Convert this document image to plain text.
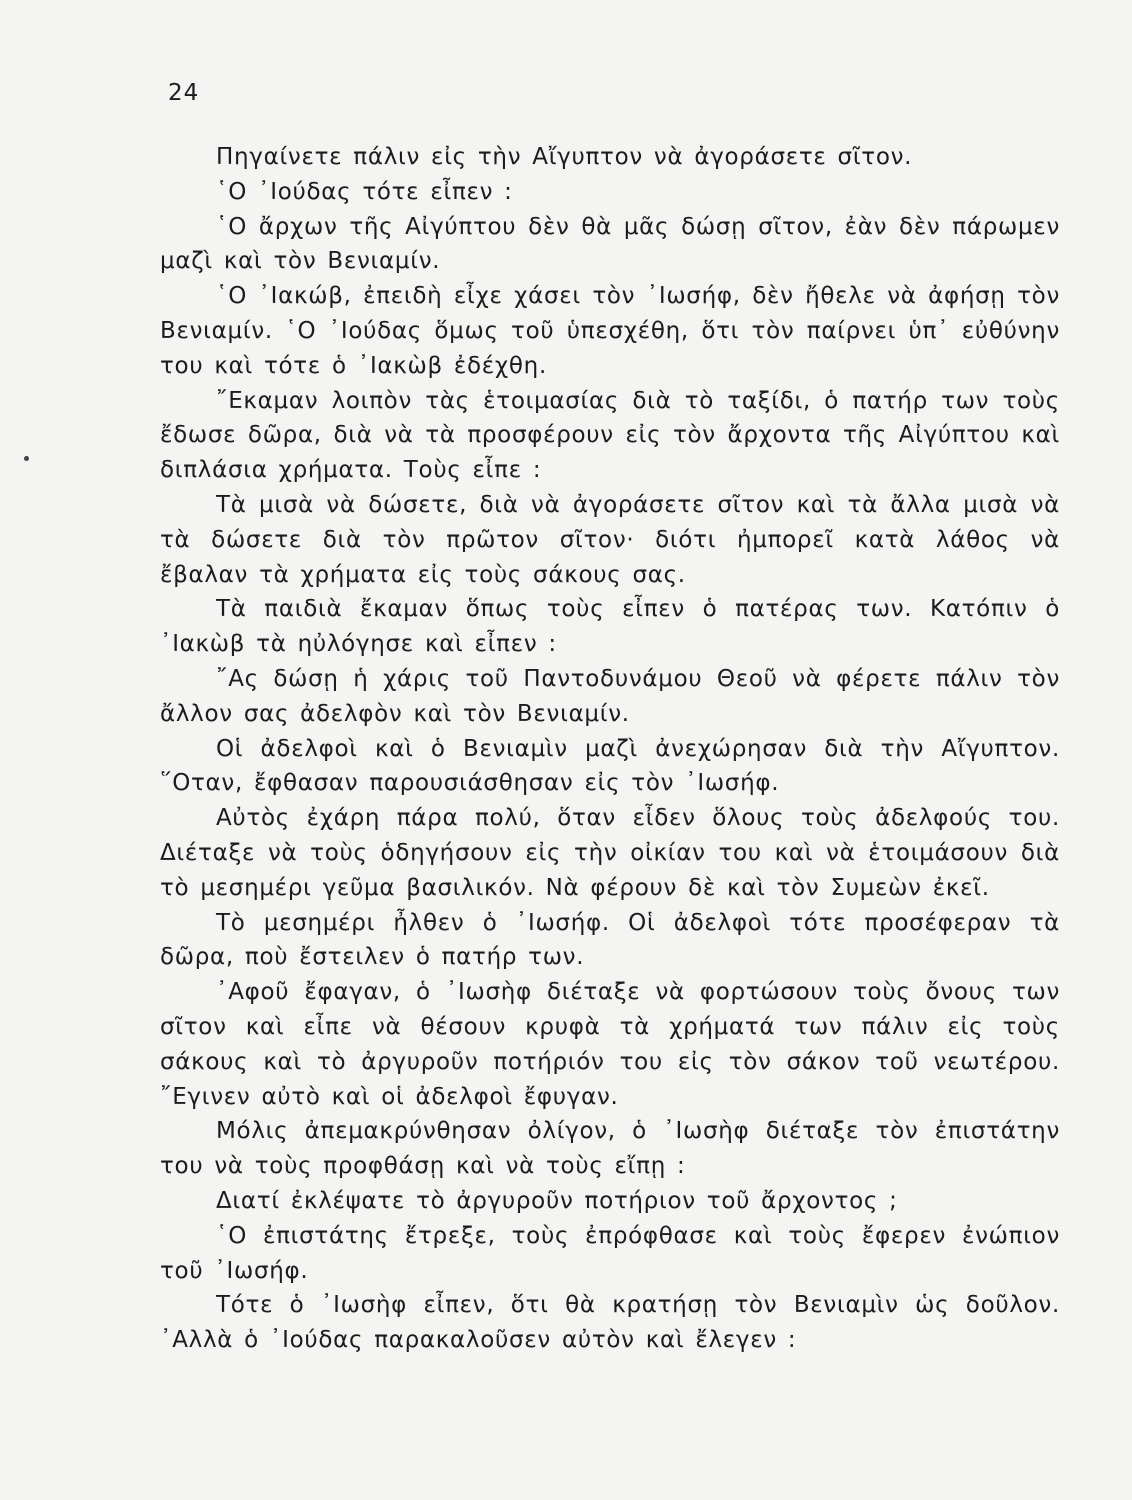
24

Πηγαίνετε πάλιν εἰς τὴν Αἴγυπτον νὰ ἀγοράσετε σῖτον.

῾Ο ᾿Ιούδας τότε εἶπεν :

῾Ο ἄρχων τῆς Αἰγύπτου δὲν θὰ μᾶς δώσῃ σῖτον, ἐὰν δὲν πάρωμεν μαζὶ καὶ τὸν Βενιαμίν.

῾Ο ᾿Ιακώβ, ἐπειδὴ εἶχε χάσει τὸν ᾿Ιωσήφ, δὲν ἤθελε νὰ ἀφήσῃ τὸν Βενιαμίν. ῾Ο ᾿Ιούδας ὅμως τοῦ ὑπεσχέθη, ὅτι τὸν παίρνει ὑπ᾿ εὐθύνην του καὶ τότε ὁ ᾿Ιακὼβ ἐδέχθη.

῎Εκαμαν λοιπὸν τὰς ἑτοιμασίας διὰ τὸ ταξίδι, ὁ πατήρ των τοὺς ἔδωσε δῶρα, διὰ νὰ τὰ προσφέρουν εἰς τὸν ἄρχοντα τῆς Αἰγύπτου καὶ διπλάσια χρήματα. Τοὺς εἶπε :

Τὰ μισὰ νὰ δώσετε, διὰ νὰ ἀγοράσετε σῖτον καὶ τὰ ἄλλα μισὰ νὰ τὰ δώσετε διὰ τὸν πρῶτον σῖτον· διότι ἠμπορεῖ κατὰ λάθος νὰ ἔβαλαν τὰ χρήματα εἰς τοὺς σάκους σας.

Τὰ παιδιὰ ἔκαμαν ὅπως τοὺς εἶπεν ὁ πατέρας των. Κατόπιν ὁ ᾿Ιακὼβ τὰ ηὐλόγησε καὶ εἶπεν :

῎Ας δώσῃ ἡ χάρις τοῦ Παντοδυνάμου Θεοῦ νὰ φέρετε πάλιν τὸν ἄλλον σας ἀδελφὸν καὶ τὸν Βενιαμίν.

Οἱ ἀδελφοὶ καὶ ὁ Βενιαμὶν μαζὶ ἀνεχώρησαν διὰ τὴν Αἴγυπτον. ῞Οταν, ἔφθασαν παρουσιάσθησαν εἰς τὸν ᾿Ιωσήφ.

Αὐτὸς ἐχάρη πάρα πολύ, ὅταν εἶδεν ὅλους τοὺς ἀδελφούς του. Διέταξε νὰ τοὺς ὁδηγήσουν εἰς τὴν οἰκίαν του καὶ νὰ ἑτοιμάσουν διὰ τὸ μεσημέρι γεῦμα βασιλικόν. Νὰ φέρουν δὲ καὶ τὸν Συμεὼν ἐκεῖ.

Τὸ μεσημέρι ἦλθεν ὁ ᾿Ιωσήφ. Οἱ ἀδελφοὶ τότε προσέφεραν τὰ δῶρα, ποὺ ἔστειλεν ὁ πατήρ των.

᾿Αφοῦ ἔφαγαν, ὁ ᾿Ιωσὴφ διέταξε νὰ φορτώσουν τοὺς ὄνους των σῖτον καὶ εἶπε νὰ θέσουν κρυφὰ τὰ χρήματά των πάλιν εἰς τοὺς σάκους καὶ τὸ ἀργυροῦν ποτήριόν του εἰς τὸν σάκον τοῦ νεωτέρου. ῎Εγινεν αὐτὸ καὶ οἱ ἀδελφοὶ ἔφυγαν.

Μόλις ἀπεμακρύνθησαν ὀλίγον, ὁ ᾿Ιωσὴφ διέταξε τὸν ἐπιστάτην του νὰ τοὺς προφθάσῃ καὶ νὰ τοὺς εἴπῃ :

Διατί ἐκλέψατε τὸ ἀργυροῦν ποτήριον τοῦ ἄρχοντος ;

῾Ο ἐπιστάτης ἔτρεξε, τοὺς ἐπρόφθασε καὶ τοὺς ἔφερεν ἐνώπιον τοῦ ᾿Ιωσήφ.

Τότε ὁ ᾿Ιωσὴφ εἶπεν, ὅτι θὰ κρατήσῃ τὸν Βενιαμὶν ὡς δοῦλον. ᾿Αλλὰ ὁ ᾿Ιούδας παρακαλοῦσεν αὐτὸν καὶ ἔλεγεν :
